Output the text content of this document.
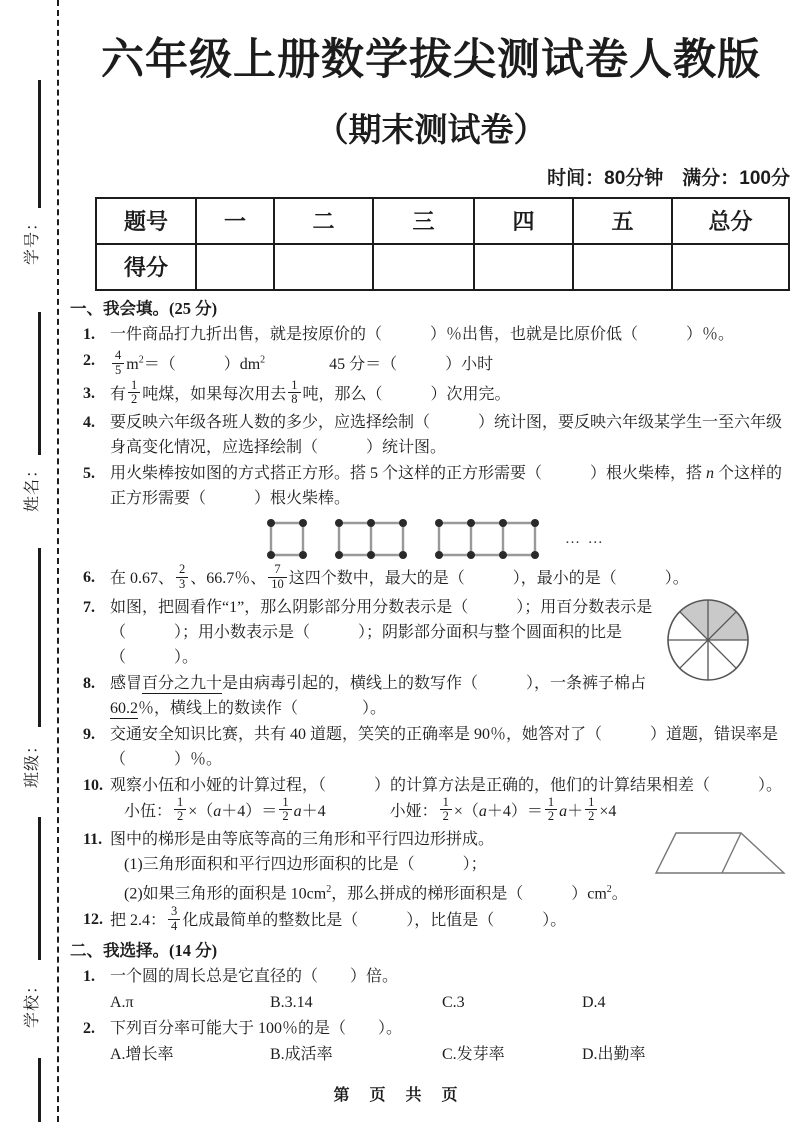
学号：
姓名：
班级：
学校：
六年级上册数学拔尖测试卷人教版
（期末测试卷）
时间：80分钟　满分：100分
题号	一	二	三	四	五	总分
得分						
一、我会填。(25 分)
1. 一件商品打九折出售，就是按原价的（　　　）％出售，也就是比原价低（　　　）％。
2. $\frac{4}{5} m^2=$（　　　）$dm^2$　　　　45 分＝（　　　）小时
3. 有 $\frac{1}{2}$ 吨煤，如果每次用去 $\frac{1}{8}$ 吨，那么（　　　）次用完。
4. 要反映六年级各班人数的多少，应选择绘制（　　　）统计图，要反映六年级某学生一至六年级身高变化情况，应选择绘制（　　　）统计图。
5. 用火柴棒按如图的方式搭正方形。搭 5 个这样的正方形需要（　　　）根火柴棒，搭 n 个这样的正方形需要（　　　）根火柴棒。
… …
6. 在 0.67、 $\frac{2}{3}$ 、66.7％、 $\frac{7}{10}$ 这四个数中，最大的是（　　　），最小的是（　　　）。
7. 如图，把圆看作“1”，那么阴影部分用分数表示是（　　　）；用百分数表示是（　　　）；用小数表示是（　　　）；阴影部分面积与整个圆面积的比是（　　　）。
8. 感冒百分之九十是由病毒引起的，横线上的数写作（　　　），一条裤子棉占60.2％，横线上的数读作（　　　　）。
9. 交通安全知识比赛，共有 40 道题，笑笑的正确率是 90％，她答对了（　　　）道题，错误率是（　　　）％。
10. 观察小伍和小娅的计算过程，（　　　）的计算方法是正确的，他们的计算结果相差（　　　）。
小伍： $\frac{1}{2} \times(a+4)= \frac{1}{2} a+4$　　　　小娅： $\frac{1}{2} \times(a+4)= \frac{1}{2} a+ \frac{1}{2} \times 4$
11. 图中的梯形是由等底等高的三角形和平行四边形拼成。
(1)三角形面积和平行四边形面积的比是（　　　）；
(2)如果三角形的面积是 $10cm^2$，那么拼成的梯形面积是（　　　）$cm^2$。
12. 把 2.4： $\frac{3}{4}$ 化成最简单的整数比是（　　　），比值是（　　　）。
二、我选择。(14 分)
1. 一个圆的周长总是它直径的（　　）倍。
A.π	B.3.14	C.3	D.4
2. 下列百分率可能大于 100％的是（　　）。
A.增长率	B.成活率	C.发芽率	D.出勤率
第　页　共　页
